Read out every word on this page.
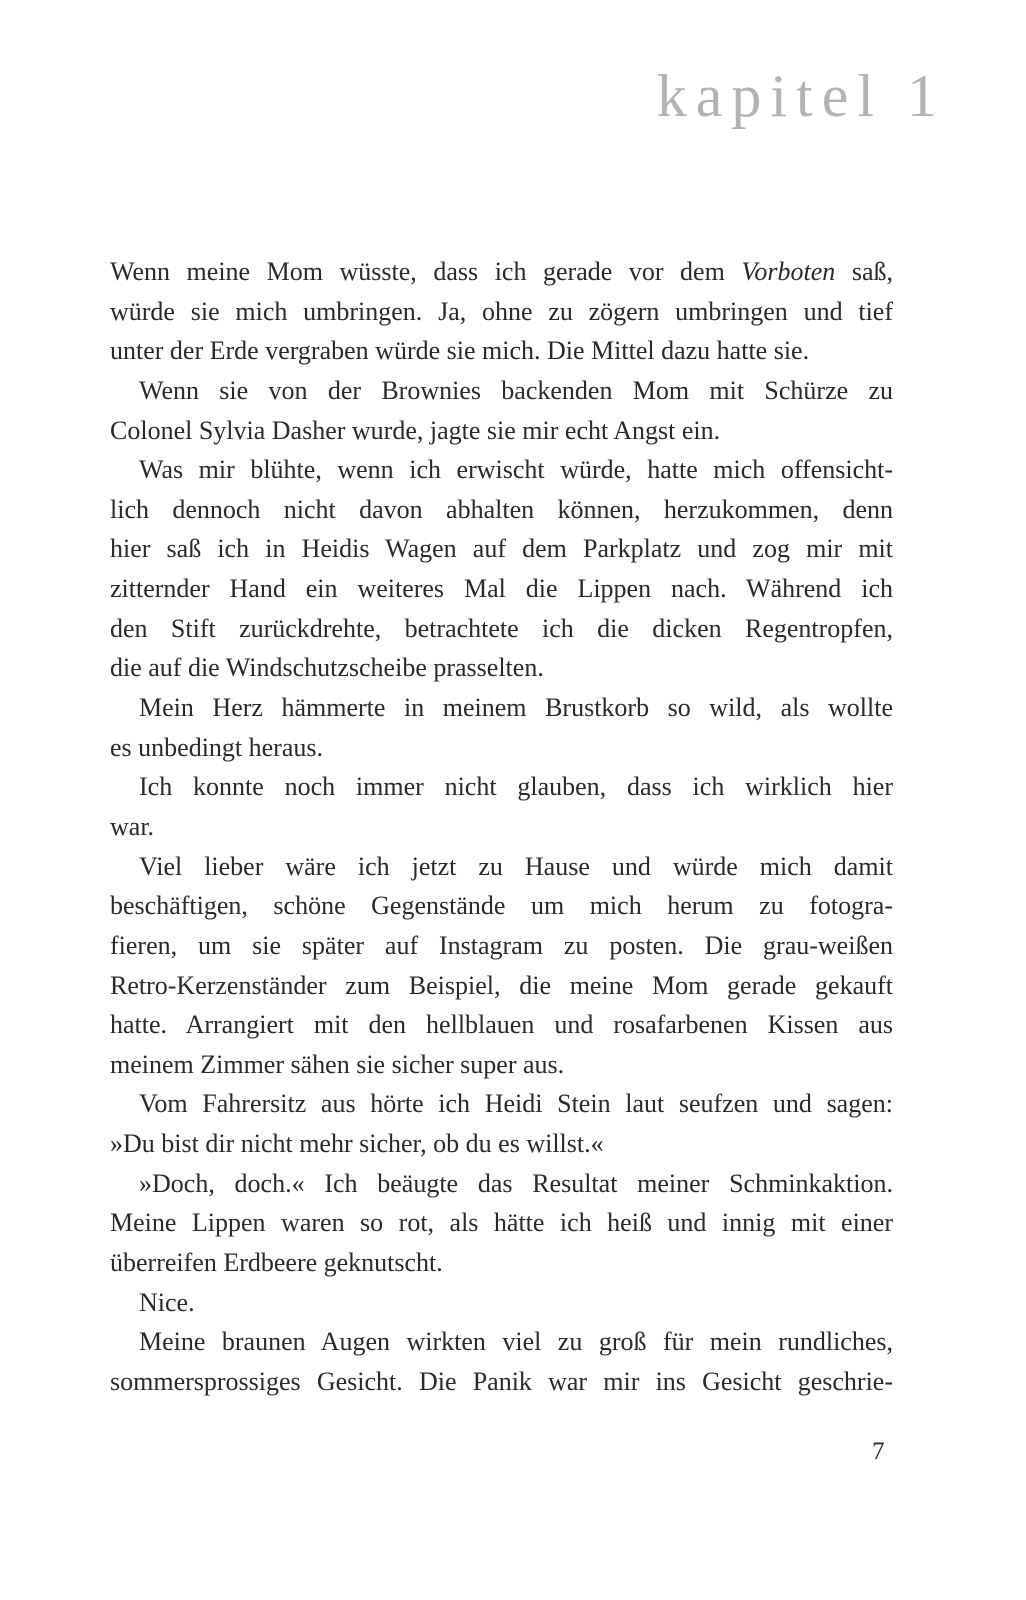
kapitel 1
Wenn meine Mom wüsste, dass ich gerade vor dem Vorboten saß,
würde sie mich umbringen. Ja, ohne zu zögern umbringen und tief
unter der Erde vergraben würde sie mich. Die Mittel dazu hatte sie.
Wenn sie von der Brownies backenden Mom mit Schürze zu
Colonel Sylvia Dasher wurde, jagte sie mir echt Angst ein.
Was mir blühte, wenn ich erwischt würde, hatte mich offensicht-
lich dennoch nicht davon abhalten können, herzukommen, denn
hier saß ich in Heidis Wagen auf dem Parkplatz und zog mir mit
zitternder Hand ein weiteres Mal die Lippen nach. Während ich
den Stift zurückdrehte, betrachtete ich die dicken Regentropfen,
die auf die Windschutzscheibe prasselten.
Mein Herz hämmerte in meinem Brustkorb so wild, als wollte
es unbedingt heraus.
Ich konnte noch immer nicht glauben, dass ich wirklich hier
war.
Viel lieber wäre ich jetzt zu Hause und würde mich damit
beschäftigen, schöne Gegenstände um mich herum zu fotogra-
fieren, um sie später auf Instagram zu posten. Die grau-weißen
Retro-Kerzenständer zum Beispiel, die meine Mom gerade gekauft
hatte. Arrangiert mit den hellblauen und rosafarbenen Kissen aus
meinem Zimmer sähen sie sicher super aus.
Vom Fahrersitz aus hörte ich Heidi Stein laut seufzen und sagen:
»Du bist dir nicht mehr sicher, ob du es willst.«
»Doch, doch.« Ich beäugte das Resultat meiner Schminkaktion.
Meine Lippen waren so rot, als hätte ich heiß und innig mit einer
überreifen Erdbeere geknutscht.
Nice.
Meine braunen Augen wirkten viel zu groß für mein rundliches,
sommersprossiges Gesicht. Die Panik war mir ins Gesicht geschrie-
7
